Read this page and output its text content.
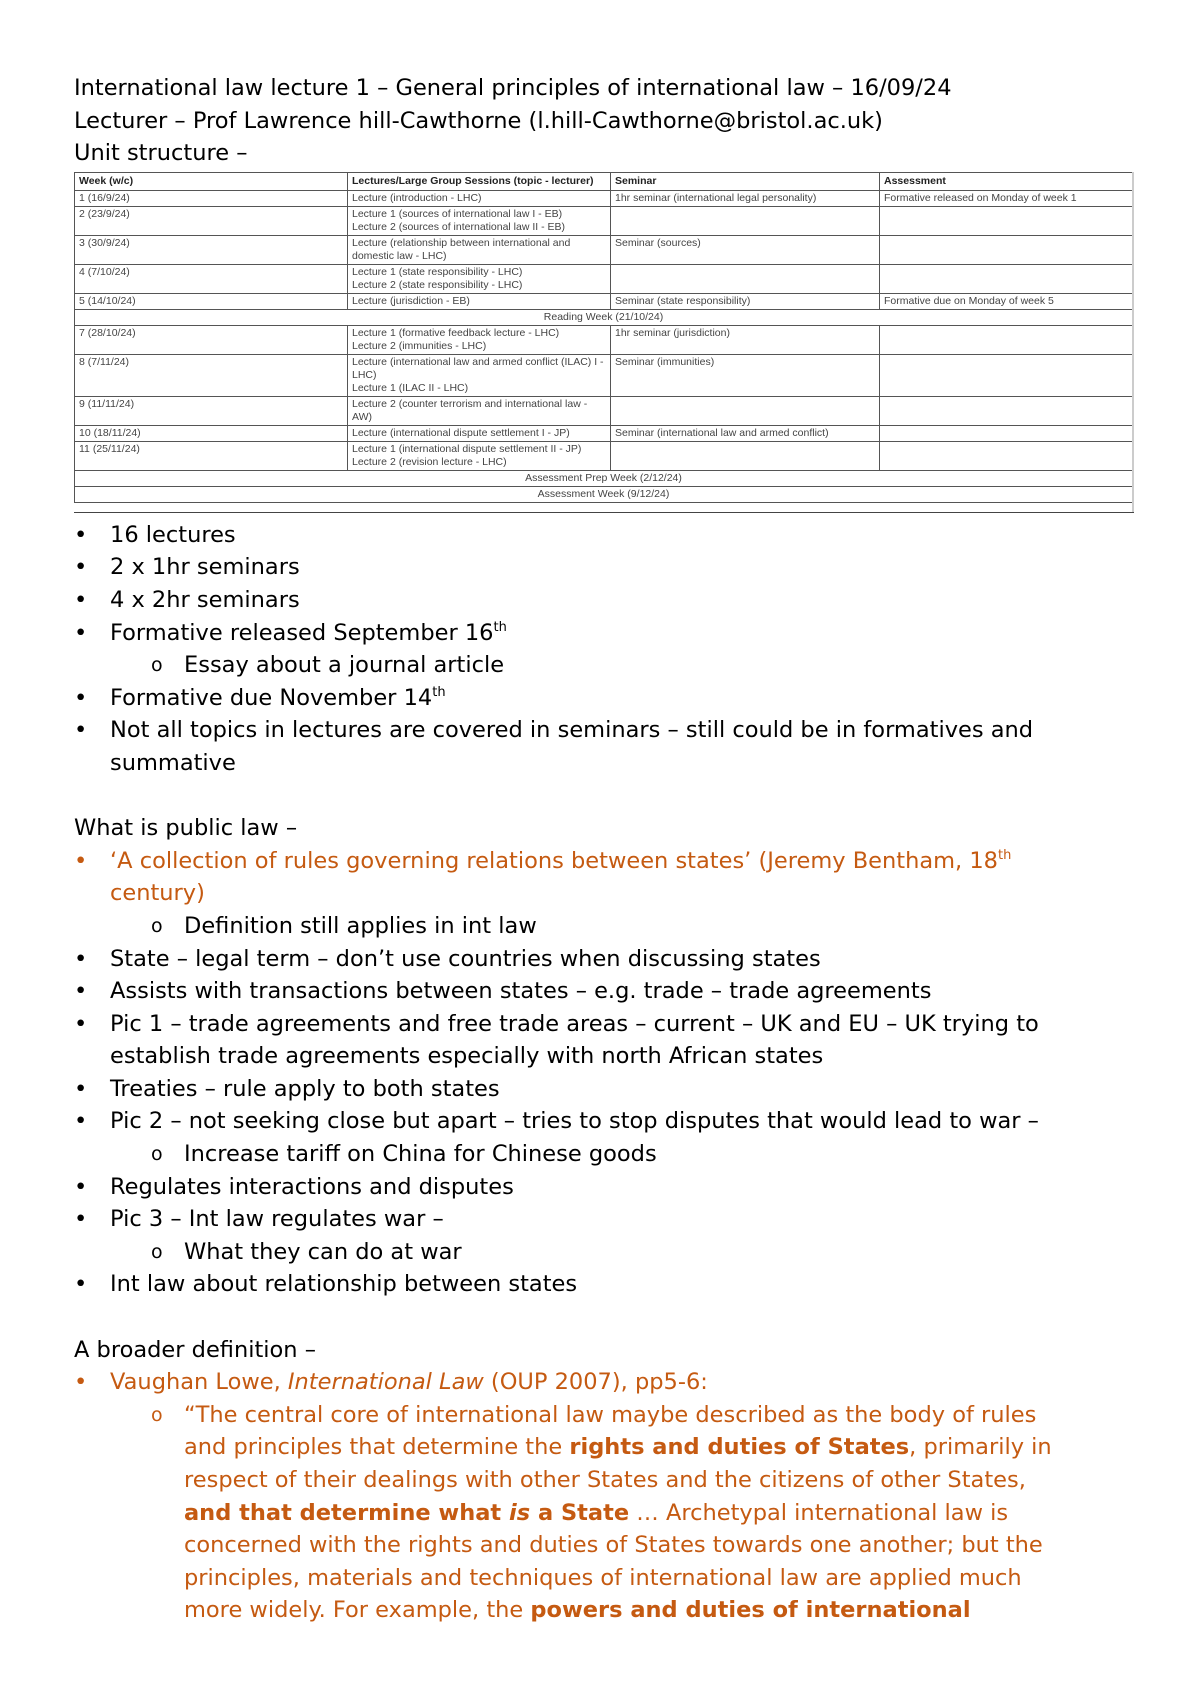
International law lecture 1 – General principles of international law – 16/09/24
Lecturer – Prof Lawrence hill-Cawthorne (l.hill-Cawthorne@bristol.ac.uk)
Unit structure –
Week (w/c)	Lectures/Large Group Sessions (topic - lecturer)	Seminar	Assessment
1 (16/9/24)	Lecture (introduction - LHC)	1hr seminar (international legal personality)	Formative released on Monday of week 1
2 (23/9/24)	Lecture 1 (sources of international law I - EB)
Lecture 2 (sources of international law II - EB)		
3 (30/9/24)	Lecture (relationship between international and domestic law - LHC)	Seminar (sources)	
4 (7/10/24)	Lecture 1 (state responsibility - LHC)
Lecture 2 (state responsibility - LHC)		
5 (14/10/24)	Lecture (jurisdiction - EB)	Seminar (state responsibility)	Formative due on Monday of week 5
Reading Week (21/10/24)			
7 (28/10/24)	Lecture 1 (formative feedback lecture - LHC)
Lecture 2 (immunities - LHC)	1hr seminar (jurisdiction)	
8 (7/11/24)	Lecture (international law and armed conflict (ILAC) I - LHC)
Lecture 1 (ILAC II - LHC)	Seminar (immunities)	
9 (11/11/24)	Lecture 2 (counter terrorism and international law - AW)		
10 (18/11/24)	Lecture (international dispute settlement I - JP)	Seminar (international law and armed conflict)	
11 (25/11/24)	Lecture 1 (international dispute settlement II - JP)
Lecture 2 (revision lecture - LHC)		
Assessment Prep Week (2/12/24)			
Assessment Week (9/12/24)			
• 16 lectures
• 2 x 1hr seminars
• 4 x 2hr seminars
• Formative released September 16th
o Essay about a journal article
• Formative due November 14th
• Not all topics in lectures are covered in seminars – still could be in formatives and
summative
What is public law –
• ‘A collection of rules governing relations between states’ (Jeremy Bentham, 18th
century)
o Definition still applies in int law
• State – legal term – don’t use countries when discussing states
• Assists with transactions between states – e.g. trade – trade agreements
• Pic 1 – trade agreements and free trade areas – current – UK and EU – UK trying to
establish trade agreements especially with north African states
• Treaties – rule apply to both states
• Pic 2 – not seeking close but apart – tries to stop disputes that would lead to war –
o Increase tariff on China for Chinese goods
• Regulates interactions and disputes
• Pic 3 – Int law regulates war –
o What they can do at war
• Int law about relationship between states
A broader definition –
• Vaughan Lowe, International Law (OUP 2007), pp5-6:
o “The central core of international law maybe described as the body of rules
and principles that determine the rights and duties of States, primarily in
respect of their dealings with other States and the citizens of other States,
and that determine what is a State … Archetypal international law is
concerned with the rights and duties of States towards one another; but the
principles, materials and techniques of international law are applied much
more widely. For example, the powers and duties of international
